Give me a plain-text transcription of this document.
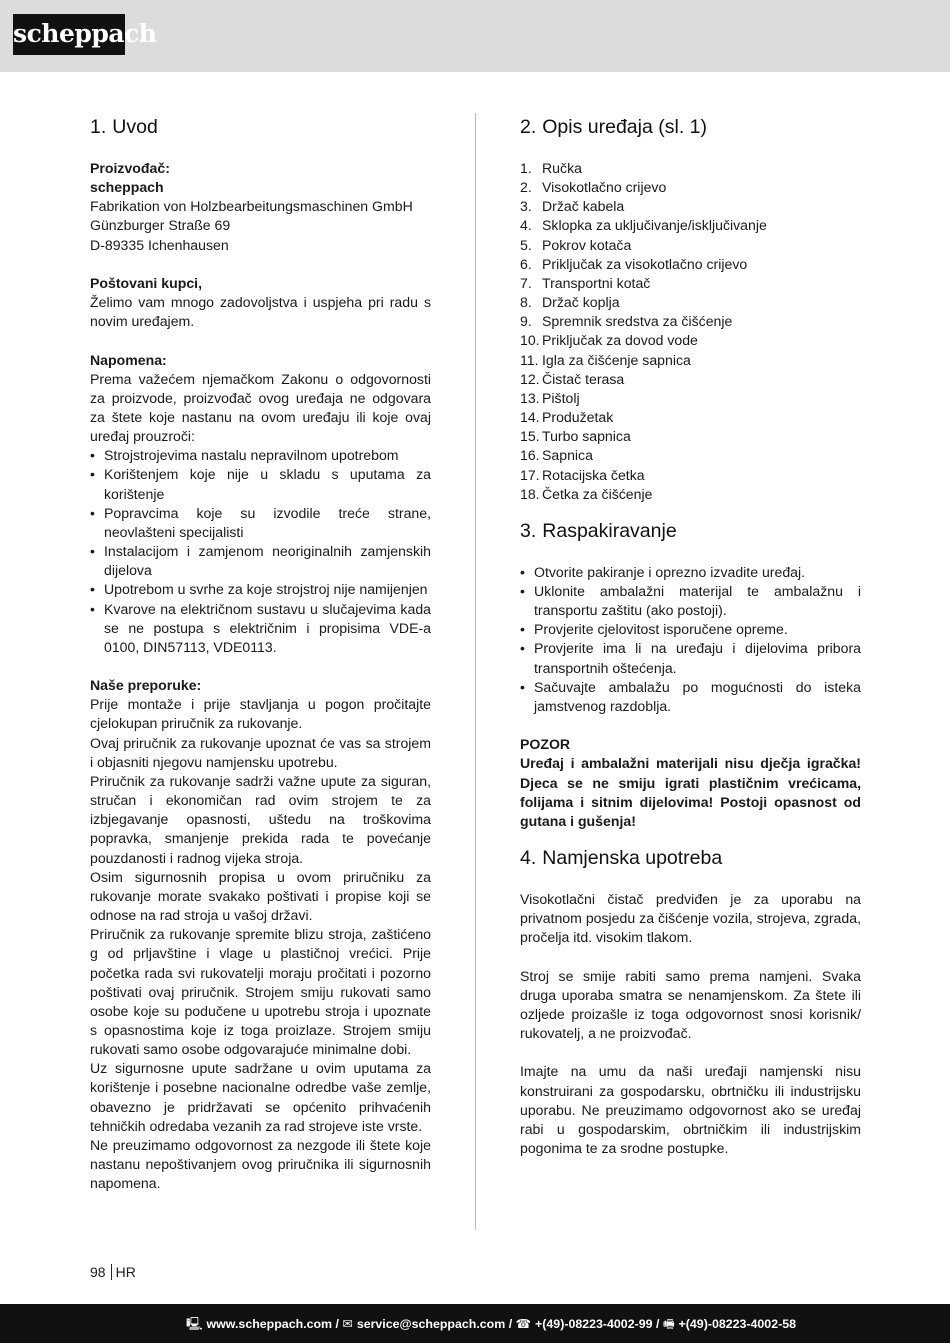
scheppach
1. Uvod

Proizvođač:

scheppach

Fabrikation von Holzbearbeitungsmaschinen GmbH

Günzburger Straße 69

D-89335 Ichenhausen

Poštovani kupci,

Želimo vam mnogo zadovoljstva i uspjeha pri radu s novim uređajem.

Napomena:

Prema važećem njemačkom Zakonu o odgovornosti za proizvode, proizvođač ovog uređaja ne odgovara za štete koje nastanu na ovom uređaju ili koje ovaj uređaj prouzroči:

• Strojstrojevima nastalu nepravilnom upotrebom
• Korištenjem koje nije u skladu s uputama za korištenje
• Popravcima koje su izvodile treće strane, neovlašteni specijalisti
• Instalacijom i zamjenom neoriginalnih zamjenskih dijelova
• Upotrebom u svrhe za koje strojstroj nije namijenjen
• Kvarove na električnom sustavu u slučajevima kada se ne postupa s električnim i propisima VDE-a 0100, DIN57113, VDE0113.

Naše preporuke:

Prije montaže i prije stavljanja u pogon pročitajte cjelokupan priručnik za rukovanje.

Ovaj priručnik za rukovanje upoznat će vas sa strojem i objasniti njegovu namjensku upotrebu.

Priručnik za rukovanje sadrži važne upute za siguran, stručan i ekonomičan rad ovim strojem te za izbjegavanje opasnosti, uštedu na troškovima popravka, smanjenje prekida rada te povećanje pouzdanosti i radnog vijeka stroja.

Osim sigurnosnih propisa u ovom priručniku za rukovanje morate svakako poštivati i propise koji se odnose na rad stroja u vašoj državi.

Priručnik za rukovanje spremite blizu stroja, zaštićeno g od prljavštine i vlage u plastičnoj vrećici. Prije početka rada svi rukovatelji moraju pročitati i pozorno poštivati ovaj priručnik. Strojem smiju rukovati samo osobe koje su podučene u upotrebu stroja i upoznate s opasnostima koje iz toga proizlaze. Strojem smiju rukovati samo osobe odgovarajuće minimalne dobi.

Uz sigurnosne upute sadržane u ovim uputama za korištenje i posebne nacionalne odredbe vaše zemlje, obavezno je pridržavati se općenito prihvaćenih tehničkih odredaba vezanih za rad strojeve iste vrste.

Ne preuzimamo odgovornost za nezgode ili štete koje nastanu nepoštivanjem ovog priručnika ili sigurnosnih napomena.

2. Opis uređaja (sl. 1)
1. Ručka
2. Visokotlačno crijevo
3. Držač kabela
4. Sklopka za uključivanje/isključivanje
5. Pokrov kotača
6. Priključak za visokotlačno crijevo
7. Transportni kotač
8. Držač koplja
9. Spremnik sredstva za čišćenje
10. Priključak za dovod vode
11. Igla za čišćenje sapnica
12. Čistač terasa
13. Pištolj
14. Produžetak
15. Turbo sapnica
16. Sapnica
17. Rotacijska četka
18. Četka za čišćenje
3. Raspakiravanje
• Otvorite pakiranje i oprezno izvadite uređaj.
• Uklonite ambalažni materijal te ambalažnu i transportu zaštitu (ako postoji).
• Provjerite cjelovitost isporučene opreme.
• Provjerite ima li na uređaju i dijelovima pribora transportnih oštećenja.
• Sačuvajte ambalažu po mogućnosti do isteka jamstvenog razdoblja.

POZOR

Uređaj i ambalažni materijali nisu dječja igračka! Djeca se ne smiju igrati plastičnim vrećicama, folijama i sitnim dijelovima! Postoji opasnost od gutana i gušenja!

4. Namjenska upotreba

Visokotlačni čistač predviđen je za uporabu na privatnom posjedu za čišćenje vozila, strojeva, zgrada, pročelja itd. visokim tlakom.

Stroj se smije rabiti samo prema namjeni. Svaka druga uporaba smatra se nenamjenskom. Za štete ili ozljede proizašle iz toga odgovornost snosi korisnik/ rukovatelj, a ne proizvođač.

Imajte na umu da naši uređaji namjenski nisu konstruirani za gospodarsku, obrtničku ili industrijsku uporabu. Ne preuzimamo odgovornost ako se uređaj rabi u gospodarskim, obrtničkim ili industrijskim pogonima te za srodne postupke.

98 HR
🖳 www.scheppach.com / ✉ service@scheppach.com / ☎ +(49)-08223-4002-99 / 🖷 +(49)-08223-4002-58
